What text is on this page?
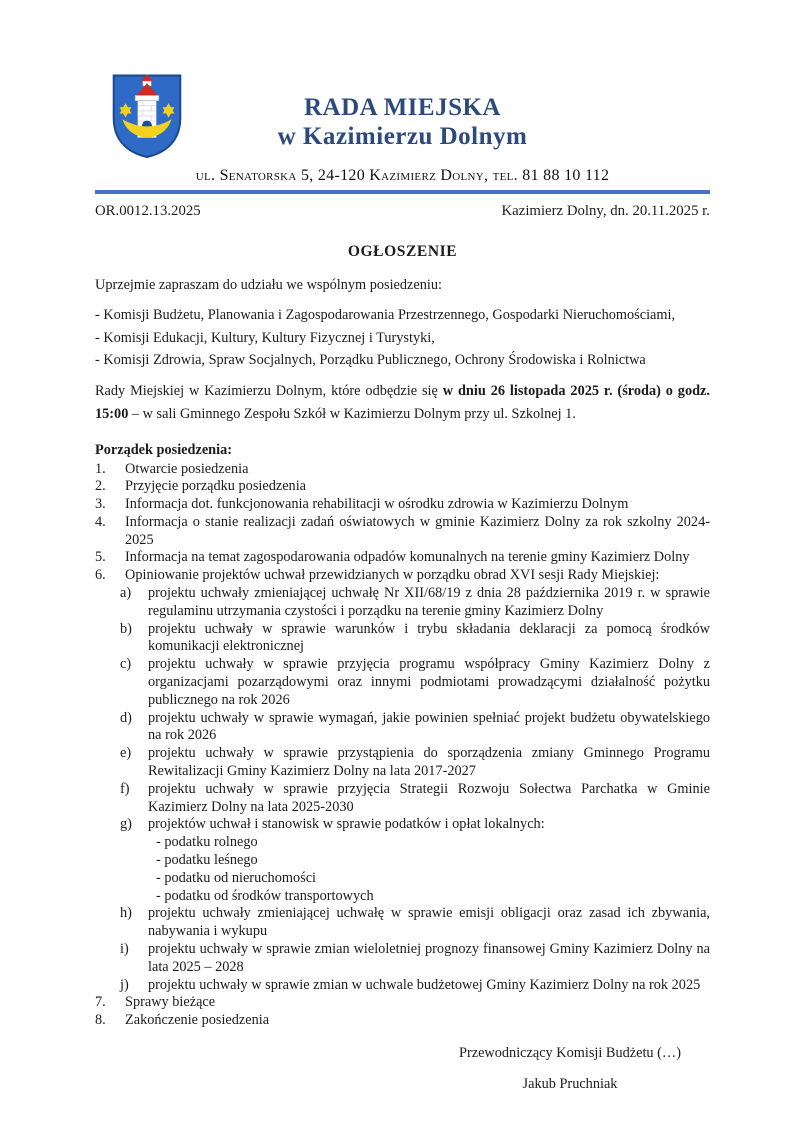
RADA MIEJSKA
w Kazimierzu Dolnym
ul. Senatorska 5, 24-120 Kazimierz Dolny, tel. 81 88 10 112
OR.0012.13.2025	Kazimierz Dolny, dn. 20.11.2025 r.
OGŁOSZENIE
Uprzejmie zapraszam do udziału we wspólnym posiedzeniu:
- Komisji Budżetu, Planowania i Zagospodarowania Przestrzennego, Gospodarki Nieruchomościami,
- Komisji Edukacji, Kultury, Kultury Fizycznej i Turystyki,
- Komisji Zdrowia, Spraw Socjalnych, Porządku Publicznego, Ochrony Środowiska i Rolnictwa
Rady Miejskiej w Kazimierzu Dolnym, które odbędzie się w dniu 26 listopada 2025 r. (środa) o godz. 15:00 – w sali Gminnego Zespołu Szkół w Kazimierzu Dolnym przy ul. Szkolnej 1.
Porządek posiedzenia:
1.	Otwarcie posiedzenia
2.	Przyjęcie porządku posiedzenia
3.	Informacja dot. funkcjonowania rehabilitacji w ośrodku zdrowia w Kazimierzu Dolnym
4.	Informacja o stanie realizacji zadań oświatowych w gminie Kazimierz Dolny za rok szkolny 2024-2025
5.	Informacja na temat zagospodarowania odpadów komunalnych na terenie gminy Kazimierz Dolny
6.	Opiniowanie projektów uchwał przewidzianych w porządku obrad XVI sesji Rady Miejskiej:
a)	projektu uchwały zmieniającej uchwałę Nr XII/68/19 z dnia 28 października 2019 r. w sprawie regulaminu utrzymania czystości i porządku na terenie gminy Kazimierz Dolny
b)	projektu uchwały w sprawie warunków i trybu składania deklaracji za pomocą środków komunikacji elektronicznej
c)	projektu uchwały w sprawie przyjęcia programu współpracy Gminy Kazimierz Dolny z organizacjami pozarządowymi oraz innymi podmiotami prowadzącymi działalność pożytku publicznego na rok 2026
d)	projektu uchwały w sprawie wymagań, jakie powinien spełniać projekt budżetu obywatelskiego na rok 2026
e)	projektu uchwały w sprawie przystąpienia do sporządzenia zmiany Gminnego Programu Rewitalizacji Gminy Kazimierz Dolny na lata 2017-2027
f)	projektu uchwały w sprawie przyjęcia Strategii Rozwoju Sołectwa Parchatka w Gminie Kazimierz Dolny na lata 2025-2030
g)	projektów uchwał i stanowisk w sprawie podatków i opłat lokalnych:
- podatku rolnego
- podatku leśnego
- podatku od nieruchomości
- podatku od środków transportowych
h)	projektu uchwały zmieniającej uchwałę w sprawie emisji obligacji oraz zasad ich zbywania, nabywania i wykupu
i)	projektu uchwały w sprawie zmian wieloletniej prognozy finansowej Gminy Kazimierz Dolny na lata 2025 – 2028
j)	projektu uchwały w sprawie zmian w uchwale budżetowej Gminy Kazimierz Dolny na rok 2025
7.	Sprawy bieżące
8.	Zakończenie posiedzenia
Przewodniczący Komisji Budżetu (…)
Jakub Pruchniak
